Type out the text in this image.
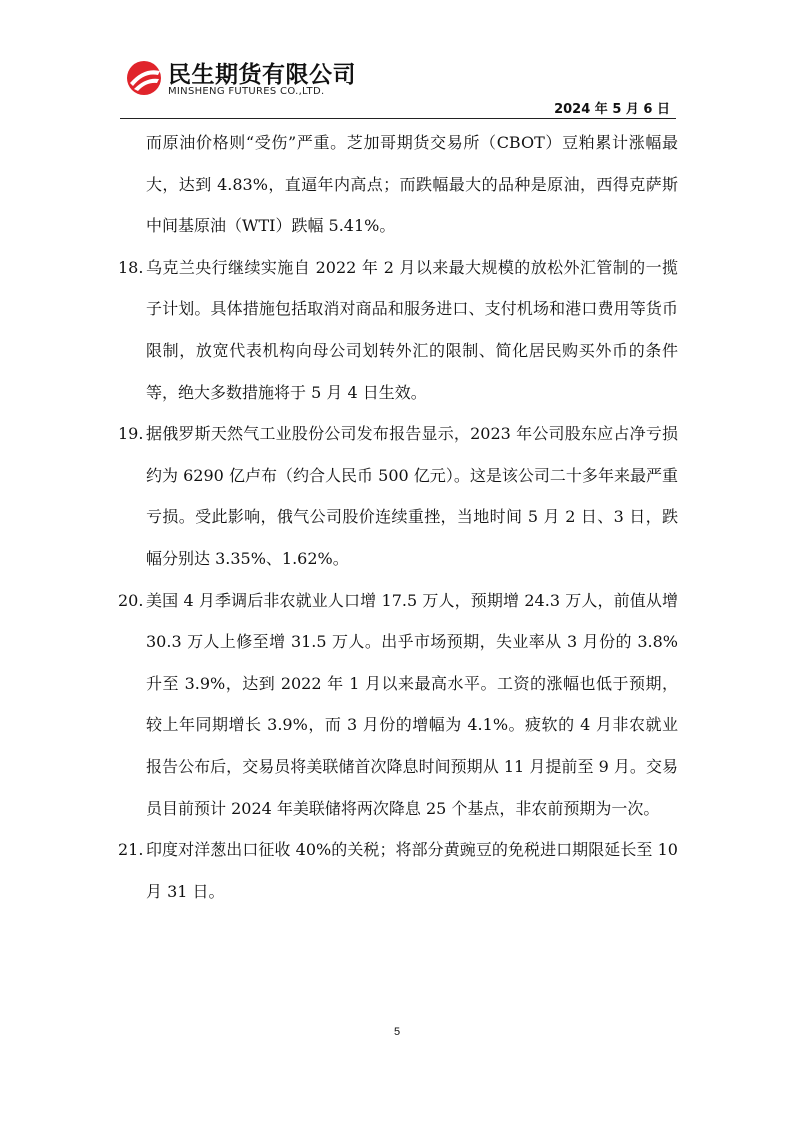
民生期货有限公司
MINSHENG FUTURES CO.,LTD.
2024 年 5 月 6 日

而原油价格则“受伤”严重。芝加哥期货交易所（CBOT）豆粕累计涨幅最大，达到 4.83%，直逼年内高点；而跌幅最大的品种是原油，西得克萨斯中间基原油（WTI）跌幅 5.41%。

18. 乌克兰央行继续实施自 2022 年 2 月以来最大规模的放松外汇管制的一揽子计划。具体措施包括取消对商品和服务进口、支付机场和港口费用等货币限制，放宽代表机构向母公司划转外汇的限制、简化居民购买外币的条件等，绝大多数措施将于 5 月 4 日生效。

19. 据俄罗斯天然气工业股份公司发布报告显示，2023 年公司股东应占净亏损约为 6290 亿卢布（约合人民币 500 亿元）。这是该公司二十多年来最严重亏损。受此影响，俄气公司股价连续重挫，当地时间 5 月 2 日、3 日，跌幅分别达 3.35%、1.62%。

20. 美国 4 月季调后非农就业人口增 17.5 万人，预期增 24.3 万人，前值从增 30.3 万人上修至增 31.5 万人。出乎市场预期，失业率从 3 月份的 3.8%升至 3.9%，达到 2022 年 1 月以来最高水平。工资的涨幅也低于预期，较上年同期增长 3.9%，而 3 月份的增幅为 4.1%。疲软的 4 月非农就业报告公布后，交易员将美联储首次降息时间预期从 11 月提前至 9 月。交易员目前预计 2024 年美联储将两次降息 25 个基点，非农前预期为一次。

21. 印度对洋葱出口征收 40%的关税；将部分黄豌豆的免税进口期限延长至 10 月 31 日。

5
